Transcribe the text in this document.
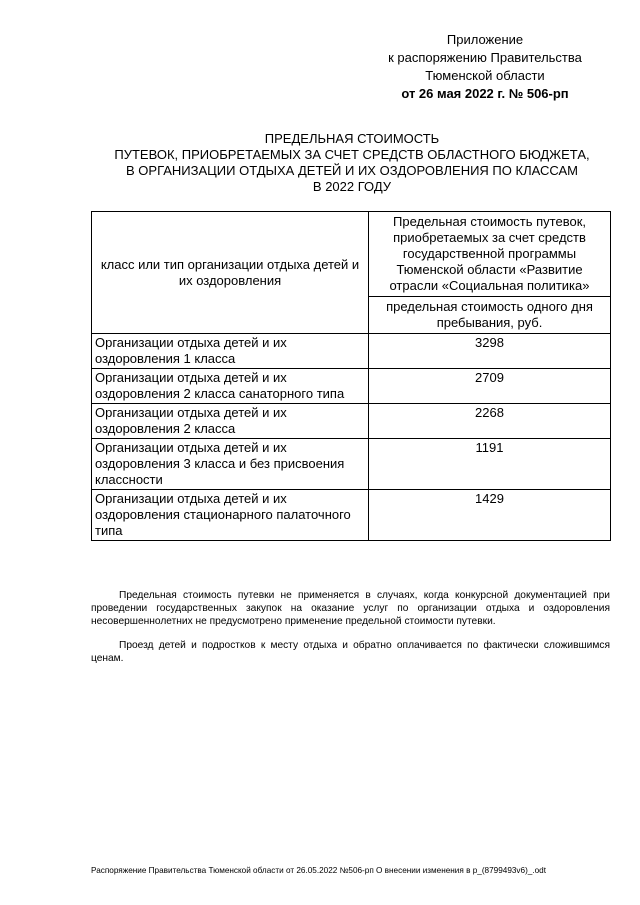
Приложение
к распоряжению Правительства
Тюменской области
от 26 мая 2022 г. № 506-рп
ПРЕДЕЛЬНАЯ СТОИМОСТЬ
ПУТЕВОК, ПРИОБРЕТАЕМЫХ ЗА СЧЕТ СРЕДСТВ ОБЛАСТНОГО БЮДЖЕТА,
В ОРГАНИЗАЦИИ ОТДЫХА ДЕТЕЙ И ИХ ОЗДОРОВЛЕНИЯ ПО КЛАССАМ
В 2022 ГОДУ
класс или тип организации отдыха детей и их оздоровления	Предельная стоимость путевок, приобретаемых за счет средств государственной программы Тюменской области «Развитие отрасли «Социальная политика»
	предельная стоимость одного дня пребывания, руб.
Организации отдыха детей и их оздоровления 1 класса	3298
Организации отдыха детей и их оздоровления 2 класса санаторного типа	2709
Организации отдыха детей и их оздоровления 2 класса	2268
Организации отдыха детей и их оздоровления 3 класса и без присвоения классности	1191
Организации отдыха детей и их оздоровления стационарного палаточного типа	1429

Предельная стоимость путевки не применяется в случаях, когда конкурсной документацией при проведении государственных закупок на оказание услуг по организации отдыха и оздоровления несовершеннолетних не предусмотрено применение предельной стоимости путевки.

Проезд детей и подростков к месту отдыха и обратно оплачивается по фактически сложившимся ценам.

Распоряжение Правительства Тюменской области от 26.05.2022 №506-рп О внесении изменения в р_(8799493v6)_.odt
